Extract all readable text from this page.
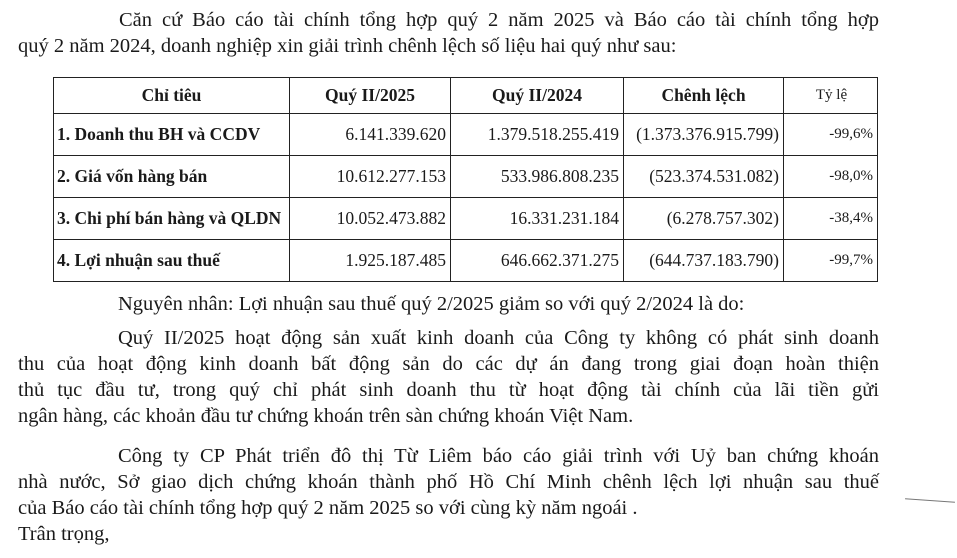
Căn cứ Báo cáo tài chính tổng hợp quý 2 năm 2025 và Báo cáo tài chính tổng hợp
quý 2 năm 2024, doanh nghiệp xin giải trình chênh lệch số liệu hai quý như sau:
Chỉ tiêu	Quý II/2025	Quý II/2024	Chênh lệch	Tỷ lệ
1. Doanh thu BH và CCDV	6.141.339.620	1.379.518.255.419	(1.373.376.915.799)	-99,6%
2. Giá vốn hàng bán	10.612.277.153	533.986.808.235	(523.374.531.082)	-98,0%
3. Chi phí bán hàng và QLDN	10.052.473.882	16.331.231.184	(6.278.757.302)	-38,4%
4. Lợi nhuận sau thuế	1.925.187.485	646.662.371.275	(644.737.183.790)	-99,7%
Nguyên nhân: Lợi nhuận sau thuế quý 2/2025 giảm so với quý 2/2024 là do:
Quý II/2025 hoạt động sản xuất kinh doanh của Công ty không có phát sinh doanh
thu của hoạt động kinh doanh bất động sản do các dự án đang trong giai đoạn hoàn thiện
thủ tục đầu tư, trong quý chỉ phát sinh doanh thu từ hoạt động tài chính của lãi tiền gửi
ngân hàng, các khoản đầu tư chứng khoán trên sàn chứng khoán Việt Nam.
Công ty CP Phát triển đô thị Từ Liêm báo cáo giải trình với Uỷ ban chứng khoán
nhà nước, Sở giao dịch chứng khoán thành phố Hồ Chí Minh chênh lệch lợi nhuận sau thuế
của Báo cáo tài chính tổng hợp quý 2 năm 2025 so với cùng kỳ năm ngoái .
Trân trọng,
